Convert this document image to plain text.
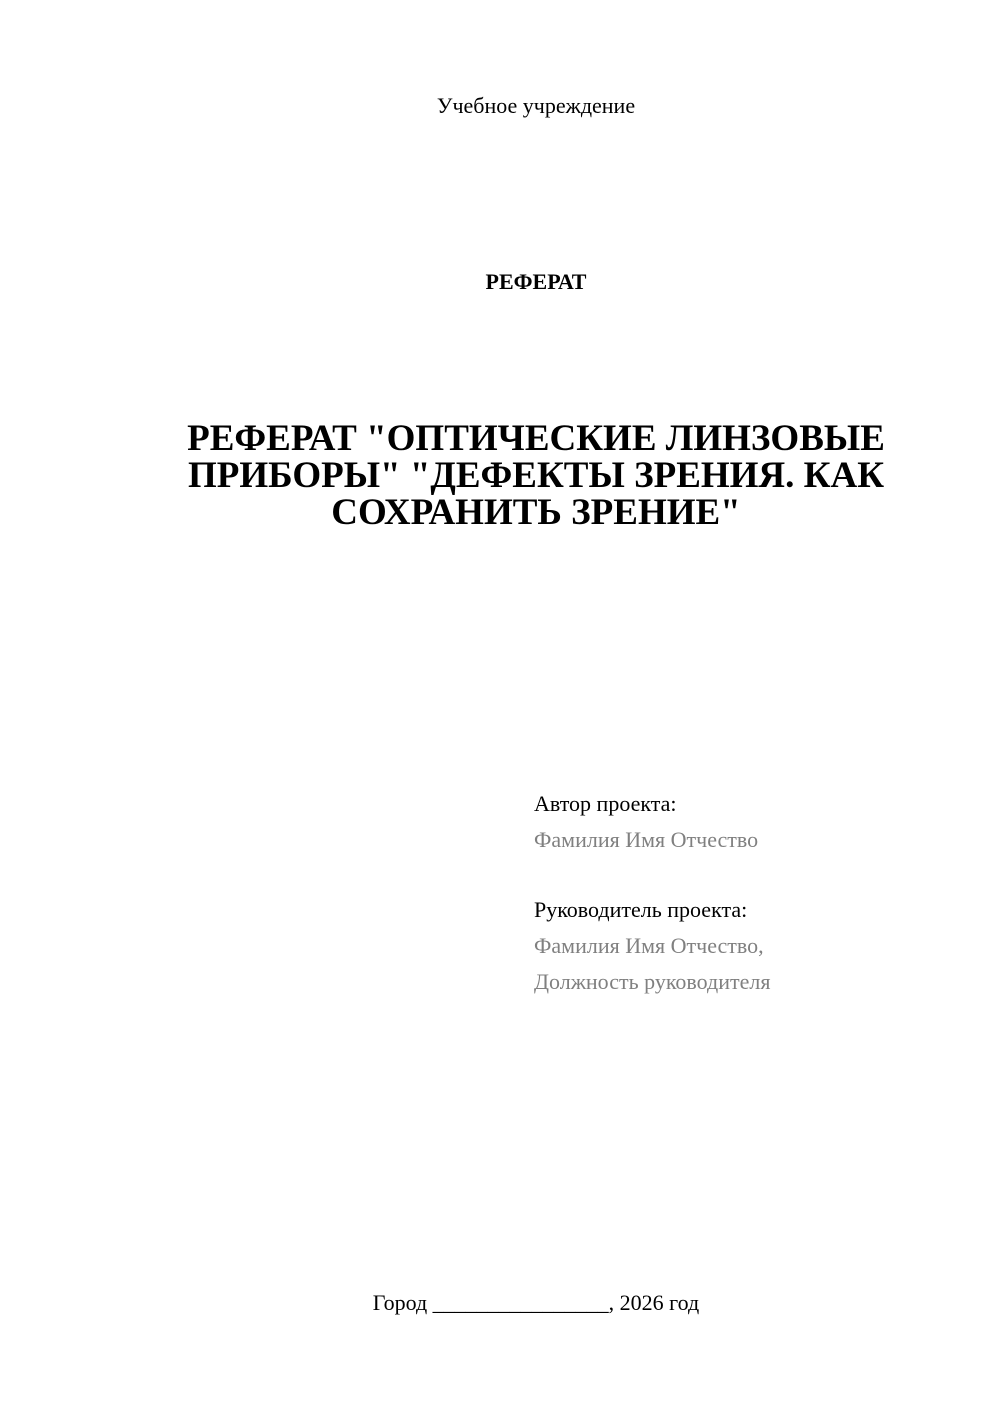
Учебное учреждение
РЕФЕРАТ
РЕФЕРАТ "ОПТИЧЕСКИЕ ЛИНЗОВЫЕ ПРИБОРЫ" "ДЕФЕКТЫ ЗРЕНИЯ. КАК СОХРАНИТЬ ЗРЕНИЕ"
Автор проекта:
Фамилия Имя Отчество
Руководитель проекта:
Фамилия Имя Отчество,
Должность руководителя
Город ________________, 2026 год
